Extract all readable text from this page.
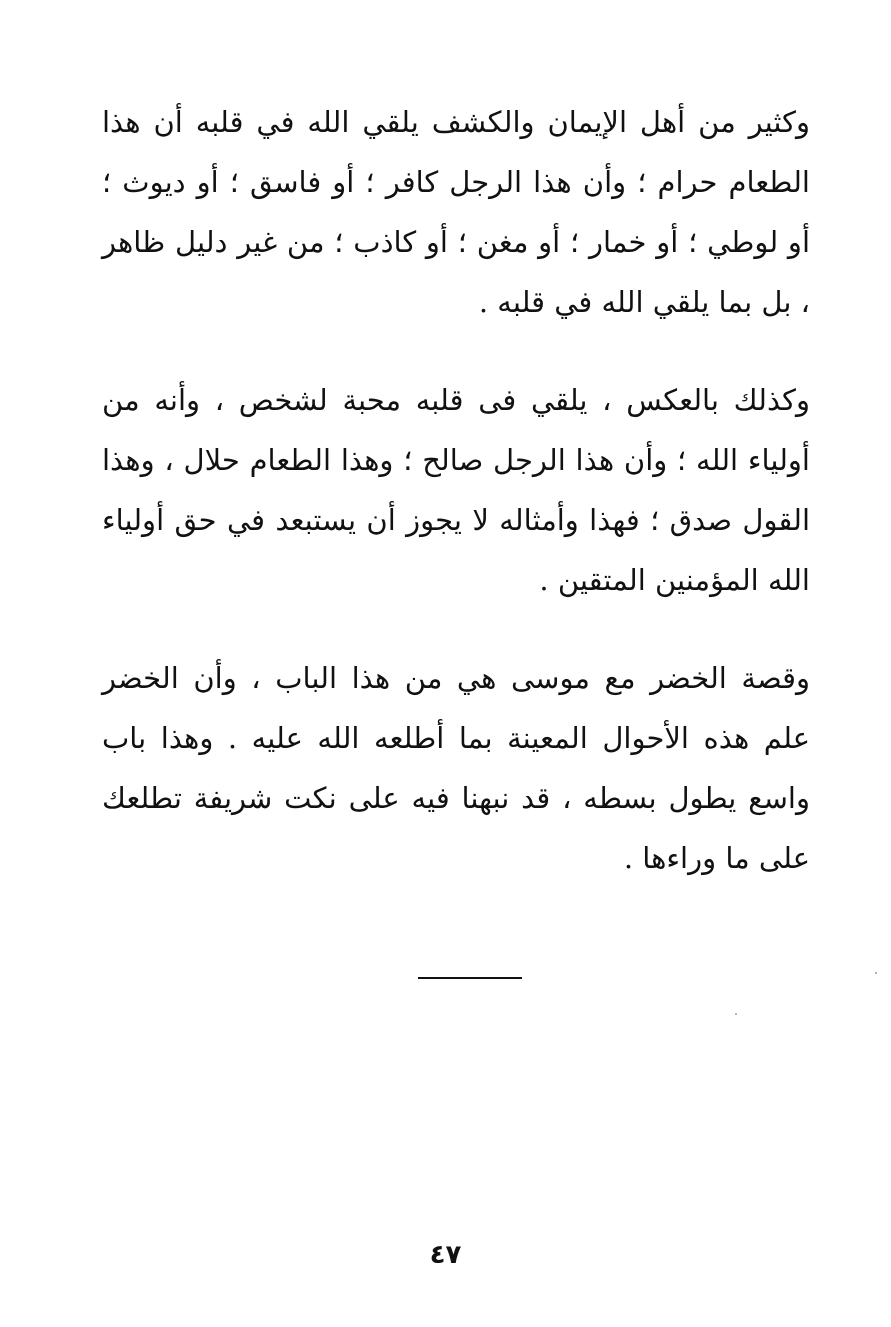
وكثير من أهل الإيمان والكشف يلقي الله في قلبه أن هذا الطعام حرام ؛ وأن هذا الرجل كافر ؛ أو فاسق ؛ أو ديوث ؛ أو لوطي ؛ أو خمار ؛ أو مغن ؛ أو كاذب ؛ من غير دليل ظاهر ، بل بما يلقي الله في قلبه .

وكذلك بالعكس ، يلقي فى قلبه محبة لشخص ، وأنه من أولياء الله ؛ وأن هذا الرجل صالح ؛ وهذا الطعام حلال ، وهذا القول صدق ؛ فهذا وأمثاله لا يجوز أن يستبعد في حق أولياء الله المؤمنين المتقين .

وقصة الخضر مع موسى هي من هذا الباب ، وأن الخضر علم هذه الأحوال المعينة بما أطلعه الله عليه . وهذا باب واسع يطول بسطه ، قد نبهنا فيه على نكت شريفة تطلعك على ما وراءها .

٤٧
